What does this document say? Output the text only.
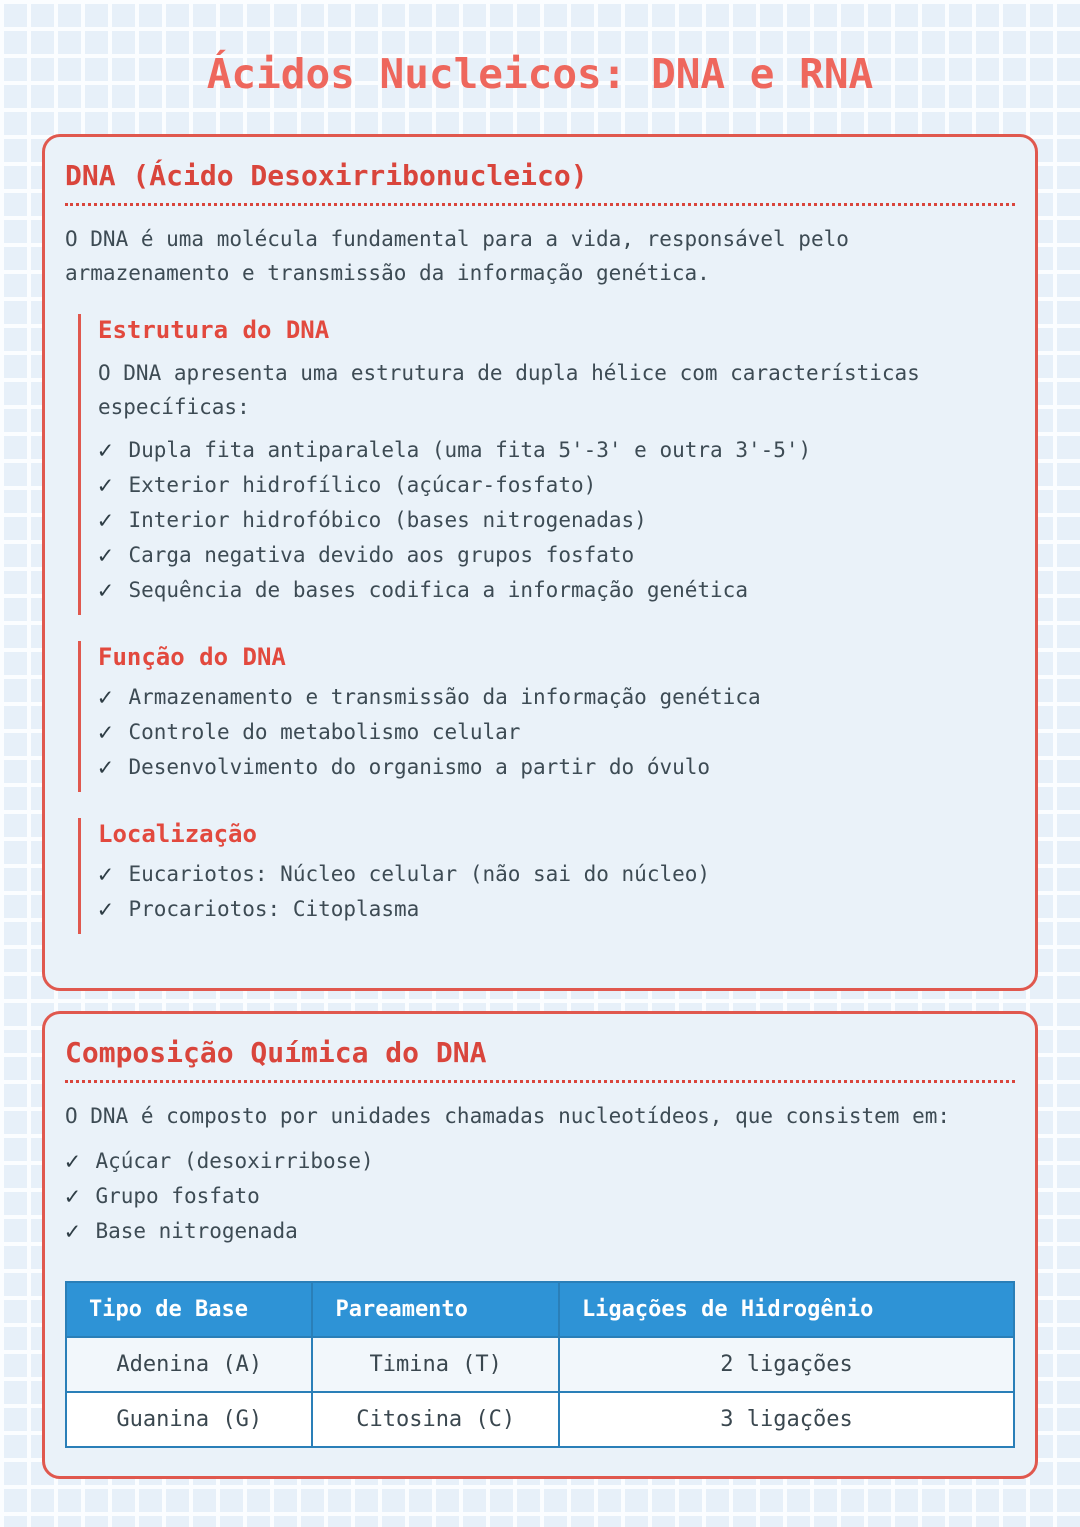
Ácidos Nucleicos: DNA e RNA
DNA (Ácido Desoxirribonucleico)

O DNA é uma molécula fundamental para a vida, responsável pelo armazenamento e transmissão da informação genética.

Estrutura do DNA

O DNA apresenta uma estrutura de dupla hélice com características específicas:

✓ Dupla fita antiparalela (uma fita 5'-3' e outra 3'-5')
✓ Exterior hidrofílico (açúcar-fosfato)
✓ Interior hidrofóbico (bases nitrogenadas)
✓ Carga negativa devido aos grupos fosfato
✓ Sequência de bases codifica a informação genética
Função do DNA
✓ Armazenamento e transmissão da informação genética
✓ Controle do metabolismo celular
✓ Desenvolvimento do organismo a partir do óvulo
Localização
✓ Eucariotos: Núcleo celular (não sai do núcleo)
✓ Procariotos: Citoplasma
Composição Química do DNA

O DNA é composto por unidades chamadas nucleotídeos, que consistem em:

✓ Açúcar (desoxirribose)
✓ Grupo fosfato
✓ Base nitrogenada
Tipo de Base	Pareamento	Ligações de Hidrogênio
Adenina (A)	Timina (T)	2 ligações
Guanina (G)	Citosina (C)	3 ligações
